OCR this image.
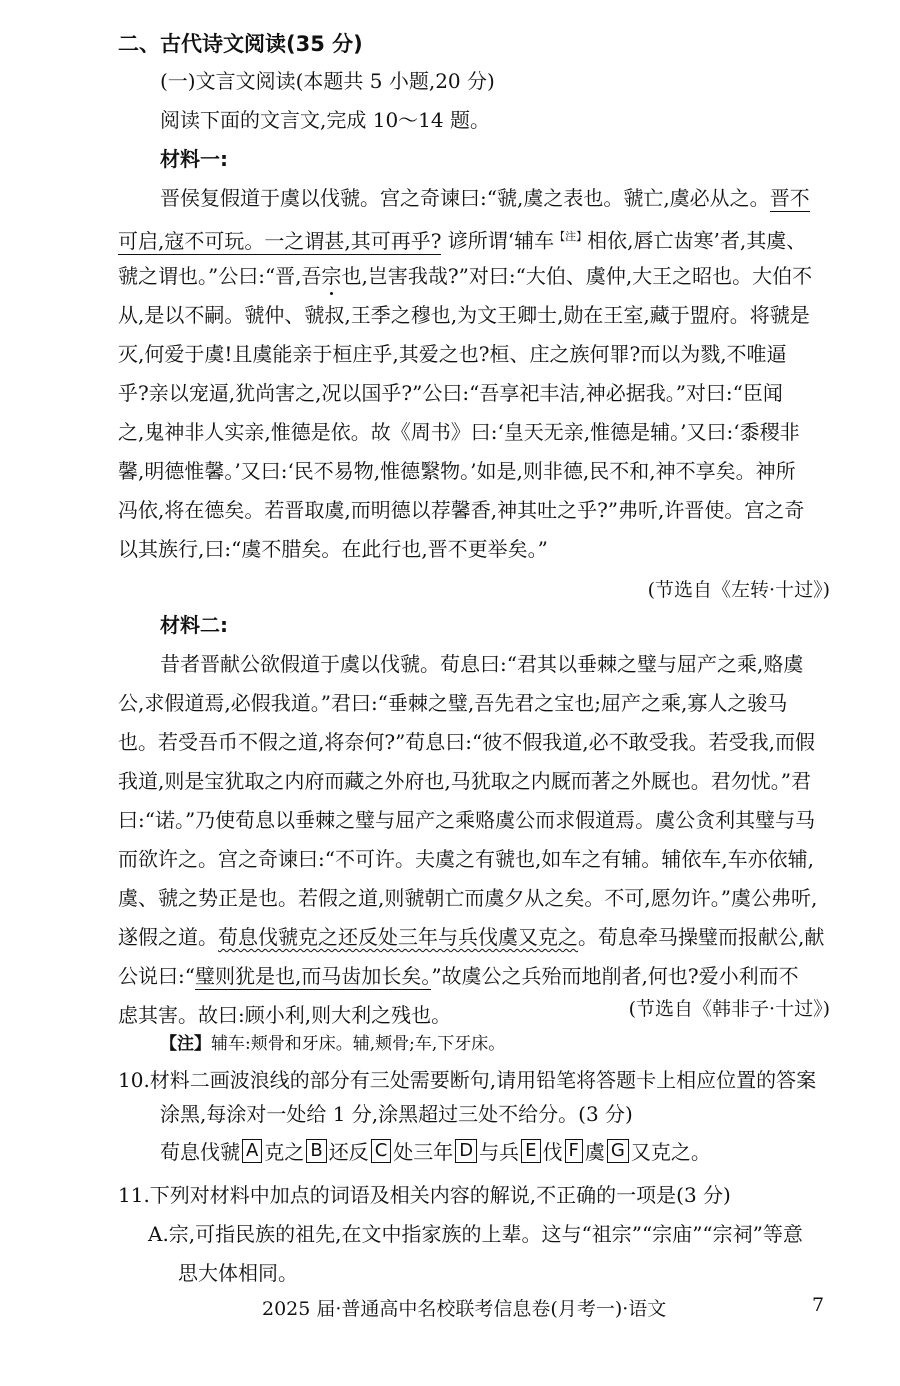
二、古代诗文阅读(35 分)
(一)文言文阅读(本题共 5 小题,20 分)
阅读下面的文言文,完成 10～14 题。
材料一:
晋侯复假道于虞以伐虢。宫之奇谏曰:“虢,虞之表也。虢亡,虞必从之。晋不
可启,寇不可玩。一之谓甚,其可再乎? 谚所谓‘辅车$^{【注】}$相依,唇亡齿寒’者,其虞、
虢之谓也。”公曰:“晋,吾宗也,岂害我哉?”对曰:“大伯、虞仲,大王之昭也。大伯不
从,是以不嗣。虢仲、虢叔,王季之穆也,为文王卿士,勋在王室,藏于盟府。将虢是
灭,何爱于虞!且虞能亲于桓庄乎,其爱之也?桓、庄之族何罪?而以为戮,不唯逼
乎?亲以宠逼,犹尚害之,况以国乎?”公曰:“吾享祀丰洁,神必据我。”对曰:“臣闻
之,鬼神非人实亲,惟德是依。故《周书》曰:‘皇天无亲,惟德是辅。’又曰:‘黍稷非
馨,明德惟馨。’又曰:‘民不易物,惟德繄物。’如是,则非德,民不和,神不享矣。神所
冯依,将在德矣。若晋取虞,而明德以荐馨香,神其吐之乎?”弗听,许晋使。宫之奇
以其族行,曰:“虞不腊矣。在此行也,晋不更举矣。”
(节选自《左转·十过》)
材料二:
昔者晋献公欲假道于虞以伐虢。荀息曰:“君其以垂棘之璧与屈产之乘,赂虞
公,求假道焉,必假我道。”君曰:“垂棘之璧,吾先君之宝也;屈产之乘,寡人之骏马
也。若受吾币不假之道,将奈何?”荀息曰:“彼不假我道,必不敢受我。若受我,而假
我道,则是宝犹取之内府而藏之外府也,马犹取之内厩而著之外厩也。君勿忧。”君
曰:“诺。”乃使荀息以垂棘之璧与屈产之乘赂虞公而求假道焉。虞公贪利其璧与马
而欲许之。宫之奇谏曰:“不可许。夫虞之有虢也,如车之有辅。辅依车,车亦依辅,
虞、虢之势正是也。若假之道,则虢朝亡而虞夕从之矣。不可,愿勿许。”虞公弗听,
遂假之道。荀息伐虢克之还反处三年与兵伐虞又克之。荀息牵马操璧而报献公,献
公说曰:“璧则犹是也,而马齿加长矣。”故虞公之兵殆而地削者,何也?爱小利而不
虑其害。故曰:顾小利,则大利之残也。	(节选自《韩非子·十过》)
【注】辅车:颊骨和牙床。辅,颊骨;车,下牙床。
10.材料二画波浪线的部分有三处需要断句,请用铅笔将答题卡上相应位置的答案
涂黑,每涂对一处给 1 分,涂黑超过三处不给分。(3 分)
荀息伐虢 A 克之 B 还反 C 处三年 D 与兵 E 伐 F 虞 G 又克之。
11.下列对材料中加点的词语及相关内容的解说,不正确的一项是(3 分)
A.宗,可指民族的祖先,在文中指家族的上辈。这与“祖宗”“宗庙”“宗祠”等意
思大体相同。
2025 届·普通高中名校联考信息卷(月考一)·语文	7
